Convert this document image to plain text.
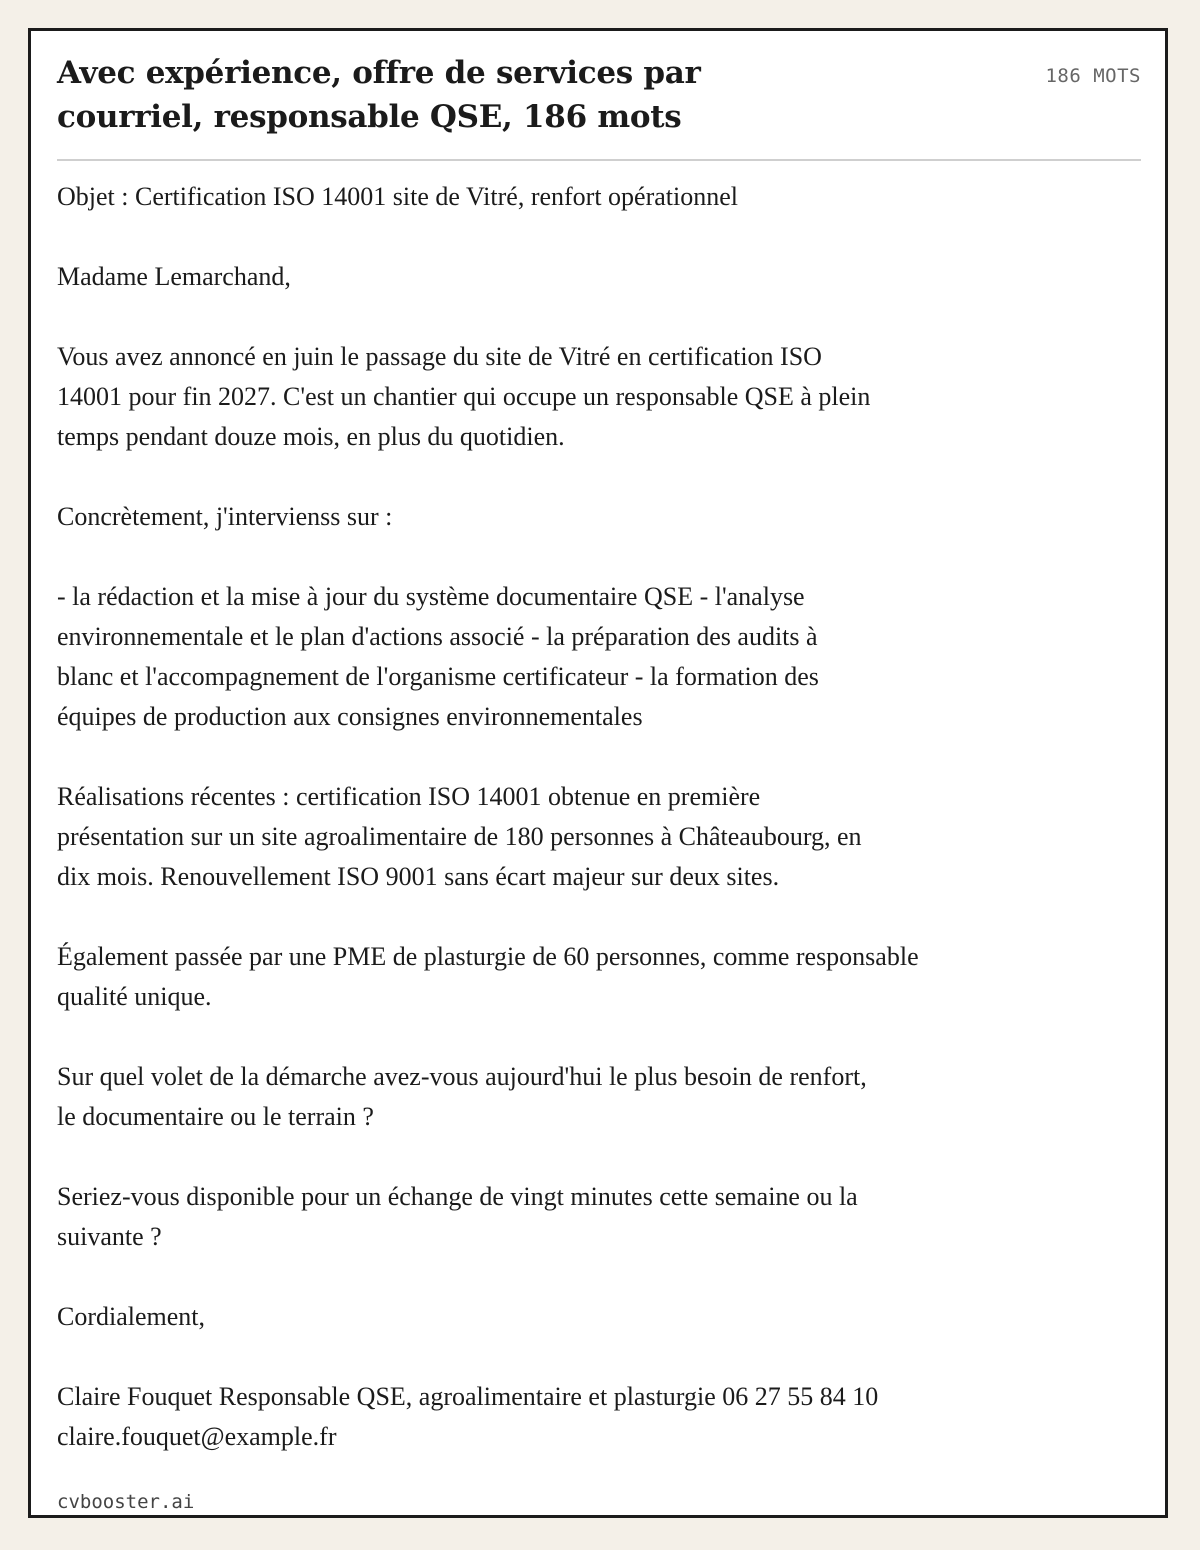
Avec expérience, offre de services par courriel, responsable QSE, 186 mots
186 MOTS

Objet : Certification ISO 14001 site de Vitré, renfort opérationnel

Madame Lemarchand,

Vous avez annoncé en juin le passage du site de Vitré en certification ISO
14001 pour fin 2027. C'est un chantier qui occupe un responsable QSE à plein
temps pendant douze mois, en plus du quotidien.

Concrètement, j'intervienss sur :

- la rédaction et la mise à jour du système documentaire QSE - l'analyse
environnementale et le plan d'actions associé - la préparation des audits à
blanc et l'accompagnement de l'organisme certificateur - la formation des
équipes de production aux consignes environnementales

Réalisations récentes : certification ISO 14001 obtenue en première
présentation sur un site agroalimentaire de 180 personnes à Châteaubourg, en
dix mois. Renouvellement ISO 9001 sans écart majeur sur deux sites.

Également passée par une PME de plasturgie de 60 personnes, comme responsable
qualité unique.

Sur quel volet de la démarche avez-vous aujourd'hui le plus besoin de renfort,
le documentaire ou le terrain ?

Seriez-vous disponible pour un échange de vingt minutes cette semaine ou la
suivante ?

Cordialement,

Claire Fouquet Responsable QSE, agroalimentaire et plasturgie 06 27 55 84 10
claire.fouquet@example.fr

cvbooster.ai
